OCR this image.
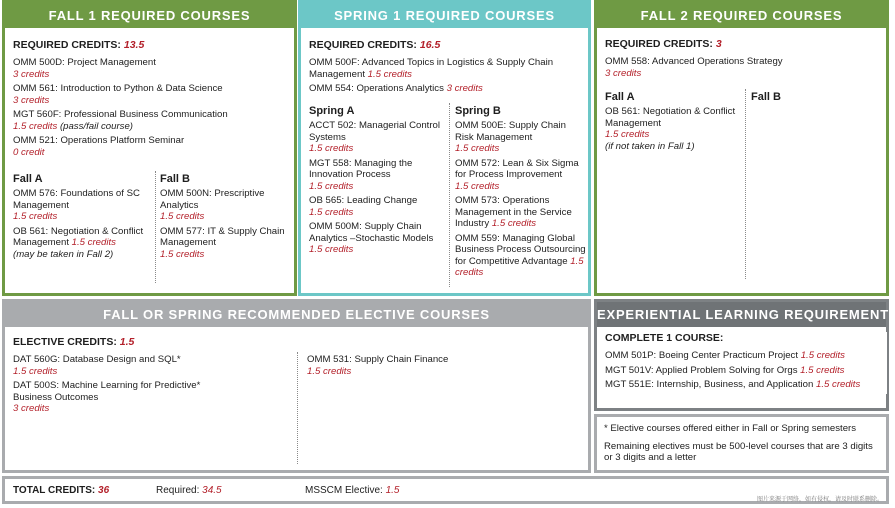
FALL 1 REQUIRED COURSES
REQUIRED CREDITS: 13.5
OMM 500D: Project Management
3 credits
OMM 561: Introduction to Python & Data Science
3 credits
MGT 560F: Professional Business Communication
1.5 credits (pass/fail course)
OMM 521: Operations Platform Seminar
0 credit
Fall A
OMM 576: Foundations of SC Management
1.5 credits
OB 561: Negotiation & Conflict Management 1.5 credits
(may be taken in Fall 2)
Fall B
OMM 500N: Prescriptive Analytics
1.5 credits
OMM 577: IT & Supply Chain Management
1.5 credits
SPRING 1 REQUIRED COURSES
REQUIRED CREDITS: 16.5
OMM 500F: Advanced Topics in Logistics & Supply Chain Management 1.5 credits
OMM 554: Operations Analytics 3 credits
Spring A
ACCT 502: Managerial Control Systems
1.5 credits
MGT 558: Managing the Innovation Process
1.5 credits
OB 565: Leading Change
1.5 credits
OMM 500M: Supply Chain Analytics –Stochastic Models
1.5 credits
Spring B
OMM 500E: Supply Chain Risk Management
1.5 credits
OMM 572: Lean & Six Sigma for Process Improvement
1.5 credits
OMM 573: Operations Management in the Service Industry 1.5 credits
OMM 559: Managing Global Business Process Outsourcing for Competitive Advantage 1.5 credits
FALL 2 REQUIRED COURSES
REQUIRED CREDITS: 3
OMM 558: Advanced Operations Strategy
3 credits
Fall A
OB 561: Negotiation & Conflict Management
1.5 credits
(if not taken in Fall 1)
Fall B
FALL OR SPRING RECOMMENDED ELECTIVE COURSES
ELECTIVE CREDITS: 1.5
DAT 560G: Database Design and SQL*
1.5 credits
DAT 500S: Machine Learning for Predictive* Business Outcomes
3 credits
OMM 531: Supply Chain Finance
1.5 credits
EXPERIENTIAL LEARNING REQUIREMENT
COMPLETE 1 COURSE:
OMM 501P: Boeing Center Practicum Project 1.5 credits
MGT 501V: Applied Problem Solving for Orgs 1.5 credits
MGT 551E: Internship, Business, and Application 1.5 credits
* Elective courses offered either in Fall or Spring semesters
Remaining electives must be 500-level courses that are 3 digits or 3 digits and a letter
TOTAL CREDITS: 36	Required: 34.5	MSSCM Elective: 1.5
图片来源于网络，如有侵权，请及时联系删除。
